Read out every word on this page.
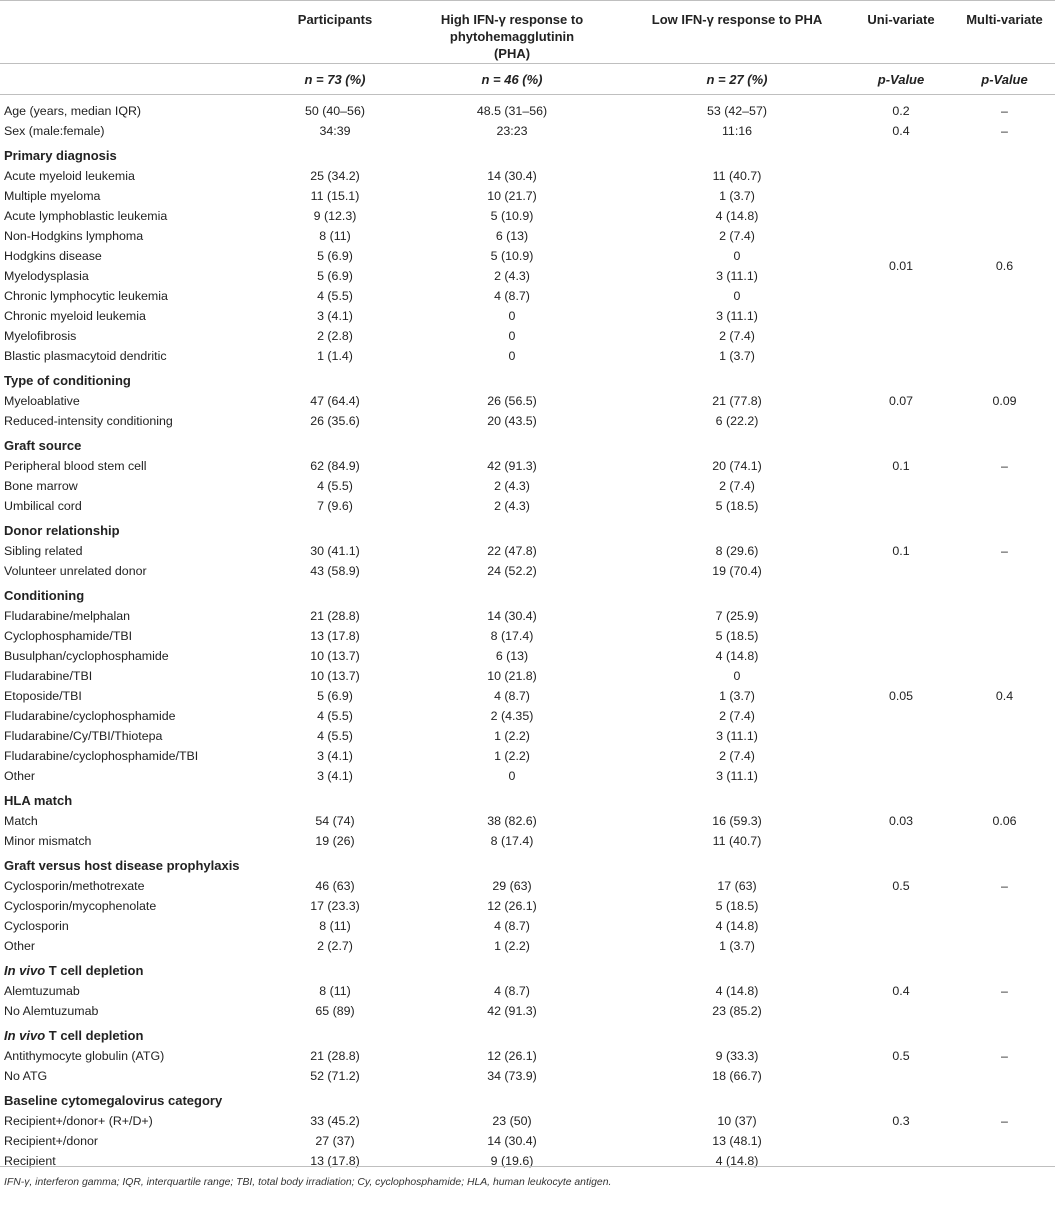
	Participants	High IFN-γ response to phytohemagglutinin (PHA)	Low IFN-γ response to PHA	Uni-variate	Multi-variate
	n = 73 (%)	n = 46 (%)	n = 27 (%)	p-Value	p-Value
Age (years, median IQR)	50 (40–56)	48.5 (31–56)	53 (42–57)	0.2	–
Sex (male:female)	34:39	23:23	11:16	0.4	–
Primary diagnosis					
Acute myeloid leukemia	25 (34.2)	14 (30.4)	11 (40.7)	0.01	0.6
Multiple myeloma	11 (15.1)	10 (21.7)	1 (3.7)		
Acute lymphoblastic leukemia	9 (12.3)	5 (10.9)	4 (14.8)		
Non-Hodgkins lymphoma	8 (11)	6 (13)	2 (7.4)		
Hodgkins disease	5 (6.9)	5 (10.9)	0		
Myelodysplasia	5 (6.9)	2 (4.3)	3 (11.1)		
Chronic lymphocytic leukemia	4 (5.5)	4 (8.7)	0		
Chronic myeloid leukemia	3 (4.1)	0	3 (11.1)		
Myelofibrosis	2 (2.8)	0	2 (7.4)		
Blastic plasmacytoid dendritic	1 (1.4)	0	1 (3.7)		
Type of conditioning					
Myeloablative	47 (64.4)	26 (56.5)	21 (77.8)	0.07	0.09
Reduced-intensity conditioning	26 (35.6)	20 (43.5)	6 (22.2)		
Graft source					
Peripheral blood stem cell	62 (84.9)	42 (91.3)	20 (74.1)	0.1	–
Bone marrow	4 (5.5)	2 (4.3)	2 (7.4)		
Umbilical cord	7 (9.6)	2 (4.3)	5 (18.5)		
Donor relationship					
Sibling related	30 (41.1)	22 (47.8)	8 (29.6)	0.1	–
Volunteer unrelated donor	43 (58.9)	24 (52.2)	19 (70.4)		
Conditioning					
Fludarabine/melphalan	21 (28.8)	14 (30.4)	7 (25.9)	0.05	0.4
Cyclophosphamide/TBI	13 (17.8)	8 (17.4)	5 (18.5)		
Busulphan/cyclophosphamide	10 (13.7)	6 (13)	4 (14.8)		
Fludarabine/TBI	10 (13.7)	10 (21.8)	0		
Etoposide/TBI	5 (6.9)	4 (8.7)	1 (3.7)		
Fludarabine/cyclophosphamide	4 (5.5)	2 (4.35)	2 (7.4)		
Fludarabine/Cy/TBI/Thiotepa	4 (5.5)	1 (2.2)	3 (11.1)		
Fludarabine/cyclophosphamide/TBI	3 (4.1)	1 (2.2)	2 (7.4)		
Other	3 (4.1)	0	3 (11.1)		
HLA match					
Match	54 (74)	38 (82.6)	16 (59.3)	0.03	0.06
Minor mismatch	19 (26)	8 (17.4)	11 (40.7)		
Graft versus host disease prophylaxis					
Cyclosporin/methotrexate	46 (63)	29 (63)	17 (63)	0.5	–
Cyclosporin/mycophenolate	17 (23.3)	12 (26.1)	5 (18.5)		
Cyclosporin	8 (11)	4 (8.7)	4 (14.8)		
Other	2 (2.7)	1 (2.2)	1 (3.7)		
In vivo T cell depletion					
Alemtuzumab	8 (11)	4 (8.7)	4 (14.8)	0.4	–
No Alemtuzumab	65 (89)	42 (91.3)	23 (85.2)		
In vivo T cell depletion					
Antithymocyte globulin (ATG)	21 (28.8)	12 (26.1)	9 (33.3)	0.5	–
No ATG	52 (71.2)	34 (73.9)	18 (66.7)		
Baseline cytomegalovirus category					
Recipient+/donor+ (R+/D+)	33 (45.2)	23 (50)	10 (37)	0.3	–
Recipient+/donor	27 (37)	14 (30.4)	13 (48.1)		
Recipient	13 (17.8)	9 (19.6)	4 (14.8)		
IFN-γ, interferon gamma; IQR, interquartile range; TBI, total body irradiation; Cy, cyclophosphamide; HLA, human leukocyte antigen.
